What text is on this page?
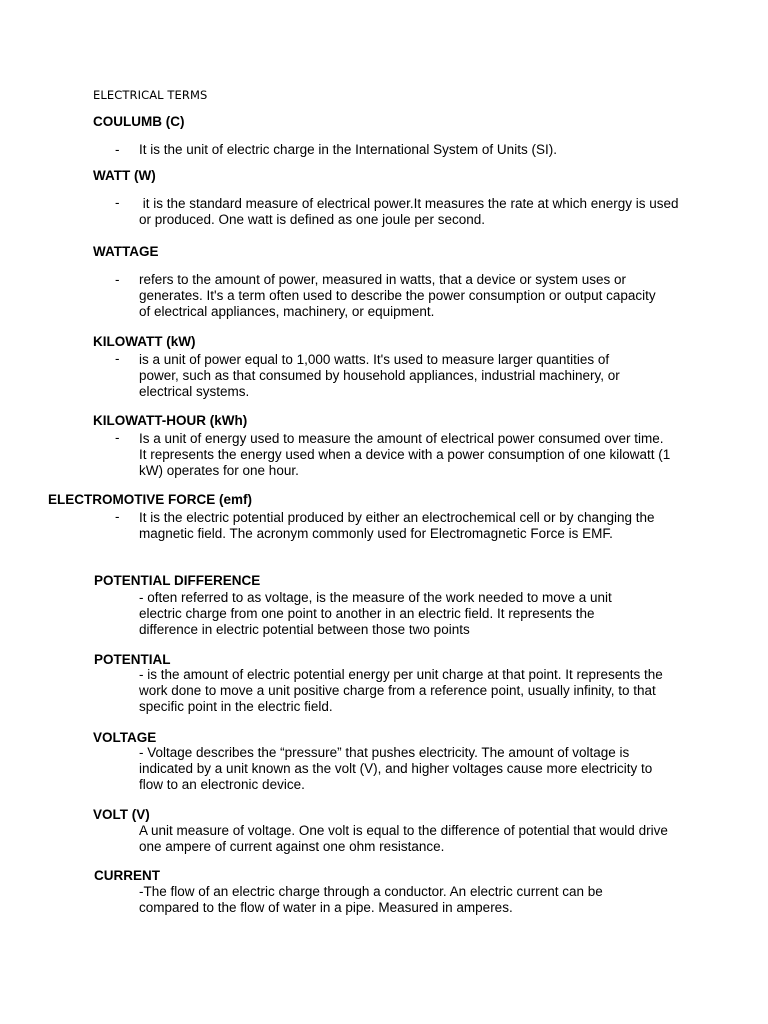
ELECTRICAL TERMS
COULUMB (C)
- It is the unit of electric charge in the International System of Units (SI).
WATT (W)
- it is the standard measure of electrical power.It measures the rate at which energy is used or produced. One watt is defined as one joule per second.
WATTAGE
- refers to the amount of power, measured in watts, that a device or system uses or generates. It's a term often used to describe the power consumption or output capacity of electrical appliances, machinery, or equipment.
KILOWATT (kW)
- is a unit of power equal to 1,000 watts. It's used to measure larger quantities of power, such as that consumed by household appliances, industrial machinery, or electrical systems.
KILOWATT-HOUR (kWh)
- Is a unit of energy used to measure the amount of electrical power consumed over time. It represents the energy used when a device with a power consumption of one kilowatt (1 kW) operates for one hour.
ELECTROMOTIVE FORCE (emf)
- It is the electric potential produced by either an electrochemical cell or by changing the magnetic field. The acronym commonly used for Electromagnetic Force is EMF.
POTENTIAL DIFFERENCE
- often referred to as voltage, is the measure of the work needed to move a unit electric charge from one point to another in an electric field. It represents the difference in electric potential between those two points
POTENTIAL
- is the amount of electric potential energy per unit charge at that point. It represents the work done to move a unit positive charge from a reference point, usually infinity, to that specific point in the electric field.
VOLTAGE
- Voltage describes the “pressure” that pushes electricity. The amount of voltage is indicated by a unit known as the volt (V), and higher voltages cause more electricity to flow to an electronic device.
VOLT (V)
A unit measure of voltage. One volt is equal to the difference of potential that would drive one ampere of current against one ohm resistance.
CURRENT
-The flow of an electric charge through a conductor. An electric current can be compared to the flow of water in a pipe. Measured in amperes.
